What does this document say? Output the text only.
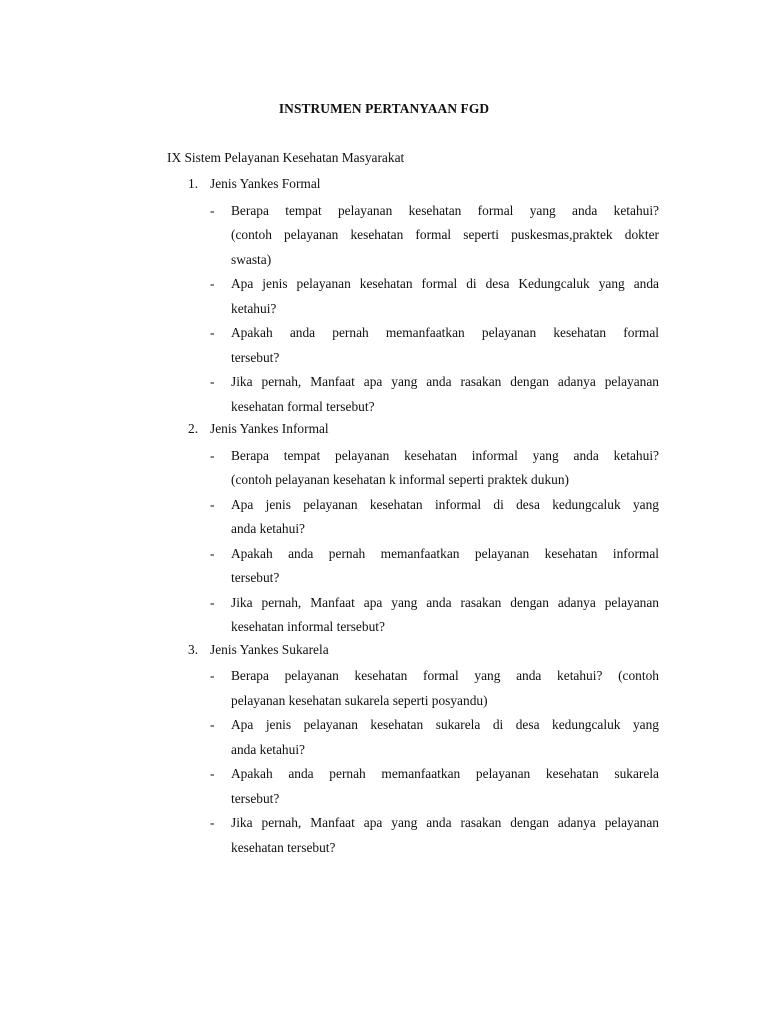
INSTRUMEN PERTANYAAN FGD
IX Sistem Pelayanan Kesehatan Masyarakat
1. Jenis Yankes Formal
- Berapa tempat pelayanan kesehatan formal yang anda ketahui?
(contoh pelayanan kesehatan formal seperti puskesmas,praktek dokter
swasta)
- Apa jenis pelayanan kesehatan formal di desa Kedungcaluk yang anda
ketahui?
- Apakah anda pernah memanfaatkan pelayanan kesehatan formal
tersebut?
- Jika pernah, Manfaat apa yang anda rasakan dengan adanya pelayanan
kesehatan formal tersebut?
2. Jenis Yankes Informal
- Berapa tempat pelayanan kesehatan informal yang anda ketahui?
(contoh pelayanan kesehatan k informal seperti praktek dukun)
- Apa jenis pelayanan kesehatan informal di desa kedungcaluk yang
anda ketahui?
- Apakah anda pernah memanfaatkan pelayanan kesehatan informal
tersebut?
- Jika pernah, Manfaat apa yang anda rasakan dengan adanya pelayanan
kesehatan informal tersebut?
3. Jenis Yankes Sukarela
- Berapa pelayanan kesehatan formal yang anda ketahui? (contoh
pelayanan kesehatan sukarela seperti posyandu)
- Apa jenis pelayanan kesehatan sukarela di desa kedungcaluk yang
anda ketahui?
- Apakah anda pernah memanfaatkan pelayanan kesehatan sukarela
tersebut?
- Jika pernah, Manfaat apa yang anda rasakan dengan adanya pelayanan
kesehatan tersebut?
